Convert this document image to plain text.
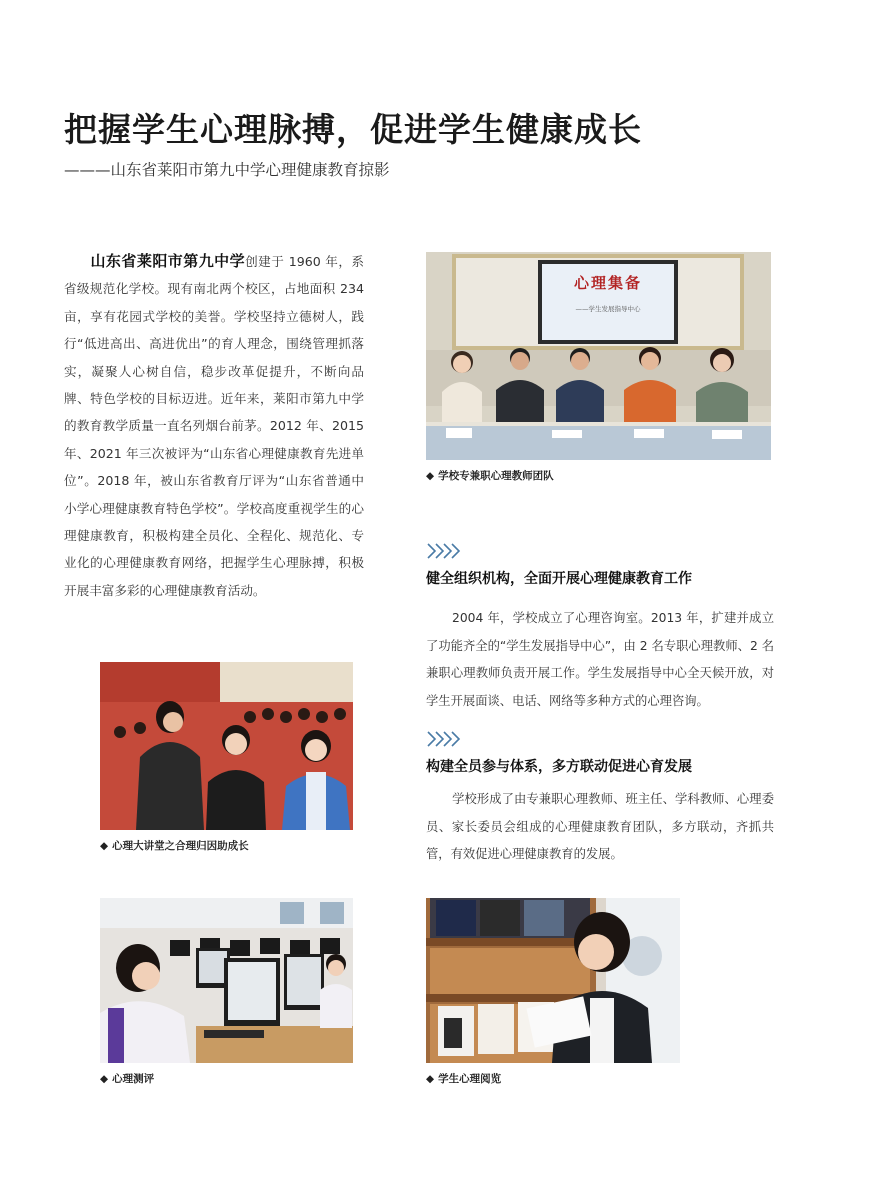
把握学生心理脉搏，促进学生健康成长
———山东省莱阳市第九中学心理健康教育掠影
山东省莱阳市第九中学创建于 1960 年，系省级规范化学校。现有南北两个校区，占地面积 234 亩，享有花园式学校的美誉。学校坚持立德树人，践行“低进高出、高进优出”的育人理念，围绕管理抓落实，凝聚人心树自信，稳步改革促提升，不断向品牌、特色学校的目标迈进。近年来，莱阳市第九中学的教育教学质量一直名列烟台前茅。2012 年、2015 年、2021 年三次被评为“山东省心理健康教育先进单位”。2018 年，被山东省教育厅评为“山东省普通中小学心理健康教育特色学校”。学校高度重视学生的心理健康教育，积极构建全员化、全程化、规范化、专业化的心理健康教育网络，把握学生心理脉搏，积极开展丰富多彩的心理健康教育活动。
心理集备
——学生发展指导中心
◆ 学校专兼职心理教师团队
健全组织机构，全面开展心理健康教育工作
2004 年，学校成立了心理咨询室。2013 年，扩建并成立了功能齐全的“学生发展指导中心”，由 2 名专职心理教师、2 名兼职心理教师负责开展工作。学生发展指导中心全天候开放，对学生开展面谈、电话、网络等多种方式的心理咨询。
构建全员参与体系，多方联动促进心育发展
学校形成了由专兼职心理教师、班主任、学科教师、心理委员、家长委员会组成的心理健康教育团队，多方联动，齐抓共管，有效促进心理健康教育的发展。
◆ 心理大讲堂之合理归因助成长
◆ 心理测评	◆ 学生心理阅览
